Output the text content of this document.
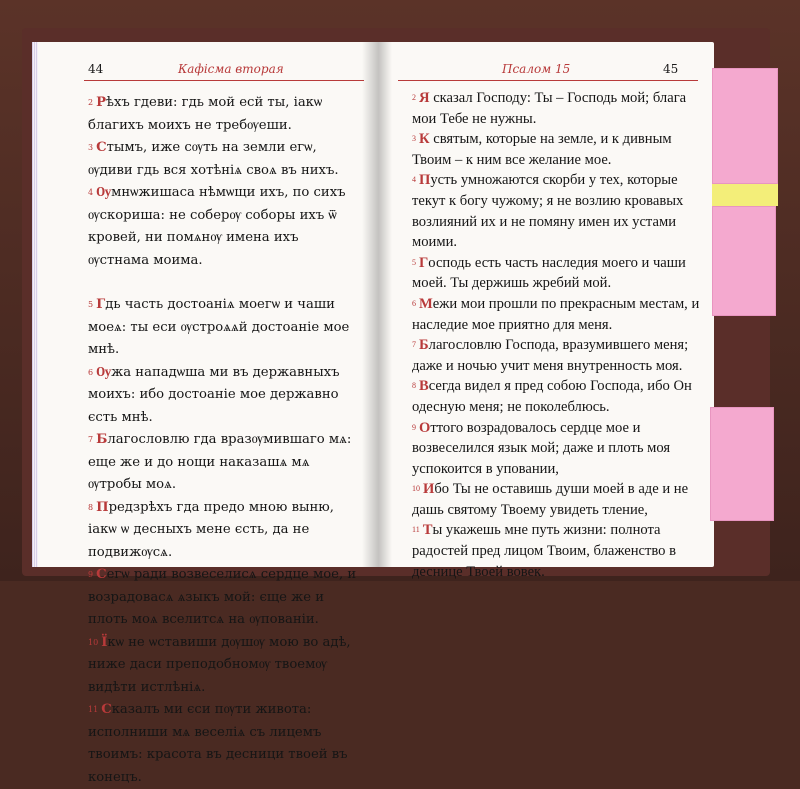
44	Кафісма вторая	Псалом 15	45

$^2$ Рѣхъ гдеви: гдь мой есй ты, іакѡ благихъ моихъ не требѹеши.

$^3$ Стымъ, иже сѹть на земли егѡ, ѹдиви гдь вся хотѣніѧ своѧ въ нихъ.

$^4$ Ѹмнѡжишаса нѣмѡщи ихъ, по сихъ ѹскориша: не соберѹ соборы ихъ ѿ кровей, ни помѧнѹ имена ихъ ѹстнама моима.

$^5$ Гдь часть достоаніѧ моегѡ и чаши моеѧ: ты еси ѹстроѧѧй достоаніе мое мнѣ.

$^6$ Ѹжа нападѡша ми въ державныхъ моихъ: ибо достоаніе мое державно єсть мнѣ.

$^7$ Благословлю гда вразѹмившаго мѧ: еще же и до нощи наказашѧ мѧ ѹтробы моѧ.

$^8$ Предзрѣхъ гда предо мною выню, іакѡ ѡ десныхъ мене єсть, да не подвижѹсѧ.

$^9$ Сегѡ ради возвеселисѧ сердце мое, и возрадовасѧ ѧзыкъ мой: єще же и плоть моѧ вселитсѧ на ѹпованіи.

$^{10}$ Їкѡ не ѡставиши дѹшѹ мою во адѣ, ниже даси преподобномѹ твоемѹ видѣти истлѣніѧ.

$^{11}$ Сказалъ ми єси пѹти живота: исполниши мѧ веселіѧ съ лицемъ твоимъ: красота въ десници твоей въ конецъ.

$^2$ Я сказал Господу: Ты – Господь мой; блага мои Тебе не нужны.

$^3$ К святым, которые на земле, и к дивным Твоим – к ним все желание мое.

$^4$ Пусть умножаются скорби у тех, которые текут к богу чужому; я не возлию кровавых возлияний их и не помяну имен их устами моими.

$^5$ Господь есть часть наследия моего и чаши моей. Ты держишь жребий мой.

$^6$ Межи мои прошли по прекрасным местам, и наследие мое приятно для меня.

$^7$ Благословлю Господа, вразумившего меня; даже и ночью учит меня внутренность моя.

$^8$ Всегда видел я пред собою Господа, ибо Он одесную меня; не поколеблюсь.

$^9$ Оттого возрадовалось сердце мое и возвеселился язык мой; даже и плоть моя успокоится в уповании,

$^{10}$ Ибо Ты не оставишь души моей в аде и не дашь святому Твоему увидеть тление,

$^{11}$ Ты укажешь мне путь жизни: полнота радостей пред лицом Твоим, блаженство в деснице Твоей вовек.
